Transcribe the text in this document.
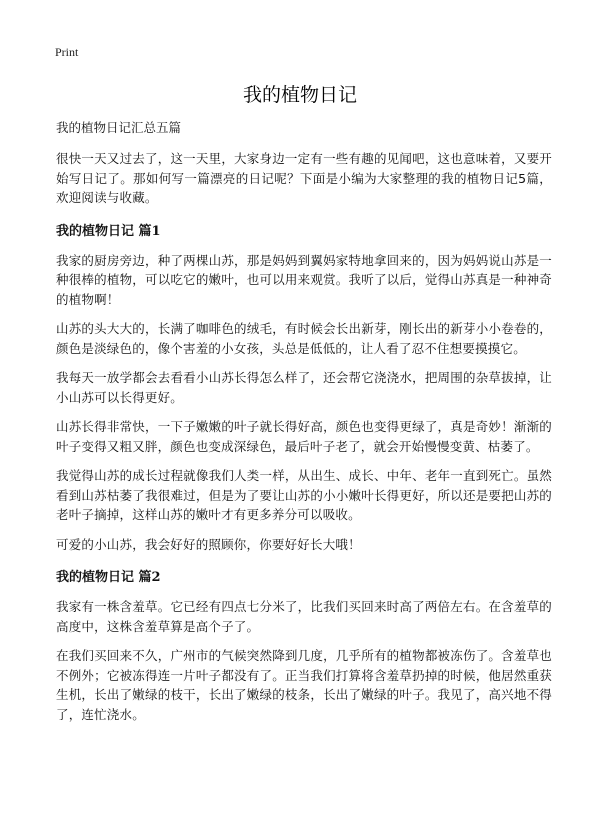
Print
我的植物日记
我的植物日记汇总五篇

很快一天又过去了，这一天里，大家身边一定有一些有趣的见闻吧，这也意味着，又要开始写日记了。那如何写一篇漂亮的日记呢？下面是小编为大家整理的我的植物日记5篇，欢迎阅读与收藏。

我的植物日记 篇1

我家的厨房旁边，种了两棵山苏，那是妈妈到翼妈家特地拿回来的，因为妈妈说山苏是一种很棒的植物，可以吃它的嫩叶，也可以用来观赏。我听了以后，觉得山苏真是一种神奇的植物啊！

山苏的头大大的，长满了咖啡色的绒毛，有时候会长出新芽，刚长出的新芽小小卷卷的，颜色是淡绿色的，像个害羞的小女孩，头总是低低的，让人看了忍不住想要摸摸它。

我每天一放学都会去看看小山苏长得怎么样了，还会帮它浇浇水，把周围的杂草拔掉，让小山苏可以长得更好。

山苏长得非常快，一下子嫩嫩的叶子就长得好高，颜色也变得更绿了，真是奇妙！渐渐的叶子变得又粗又胖，颜色也变成深绿色，最后叶子老了，就会开始慢慢变黄、枯萎了。

我觉得山苏的成长过程就像我们人类一样，从出生、成长、中年、老年一直到死亡。虽然看到山苏枯萎了我很难过，但是为了要让山苏的小小嫩叶长得更好，所以还是要把山苏的老叶子摘掉，这样山苏的嫩叶才有更多养分可以吸收。

可爱的小山苏，我会好好的照顾你，你要好好长大哦！

我的植物日记 篇2

我家有一株含羞草。它已经有四点七分米了，比我们买回来时高了两倍左右。在含羞草的高度中，这株含羞草算是高个子了。

在我们买回来不久，广州市的气候突然降到几度，几乎所有的植物都被冻伤了。含羞草也不例外；它被冻得连一片叶子都没有了。正当我们打算将含羞草扔掉的时候，他居然重获生机，长出了嫩绿的枝干，长出了嫩绿的枝条，长出了嫩绿的叶子。我见了，高兴地不得了，连忙浇水。
